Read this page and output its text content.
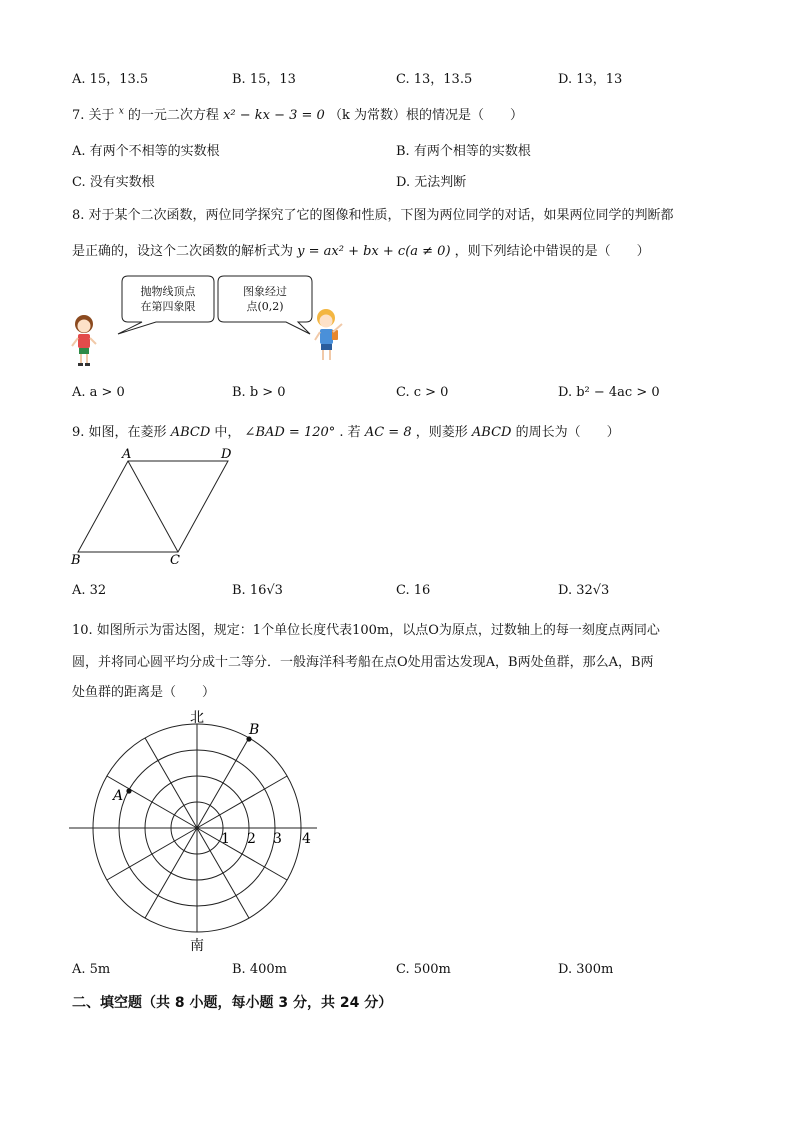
A. 15，13.5	B. 15，13	C. 13，13.5	D. 13，13
7. 关于 $^x$ 的一元二次方程 x² − kx − 3 = 0 （k 为常数）根的情况是（　　）
A. 有两个不相等的实数根	B. 有两个相等的实数根
C. 没有实数根	D. 无法判断
8. 对于某个二次函数，两位同学探究了它的图像和性质，下图为两位同学的对话，如果两位同学的判断都
是正确的，设这个二次函数的解析式为 y = ax² + bx + c(a ≠ 0) ，则下列结论中错误的是（　　）
抛物线顶点
在第四象限
图象经过
点(0,2)
A. a > 0	B. b > 0	C. c > 0	D. b² − 4ac > 0
9. 如图，在菱形 ABCD 中， ∠BAD = 120° . 若 AC = 8 ，则菱形 ABCD 的周长为（　　）
A	D
B	C
A. 32	B. 16√3	C. 16	D. 32√3
10. 如图所示为雷达图，规定：1个单位长度代表100m，以点O为原点，过数轴上的每一刻度点两同心
圆，并将同心圆平均分成十二等分．一般海洋科考船在点O处用雷达发现A，B两处鱼群，那么A，B两
处鱼群的距离是（　　）
北
南
A
B
1 2 3 4
A. 5m	B. 400m	C. 500m	D. 300m
二、填空题（共 8 小题，每小题 3 分，共 24 分）
